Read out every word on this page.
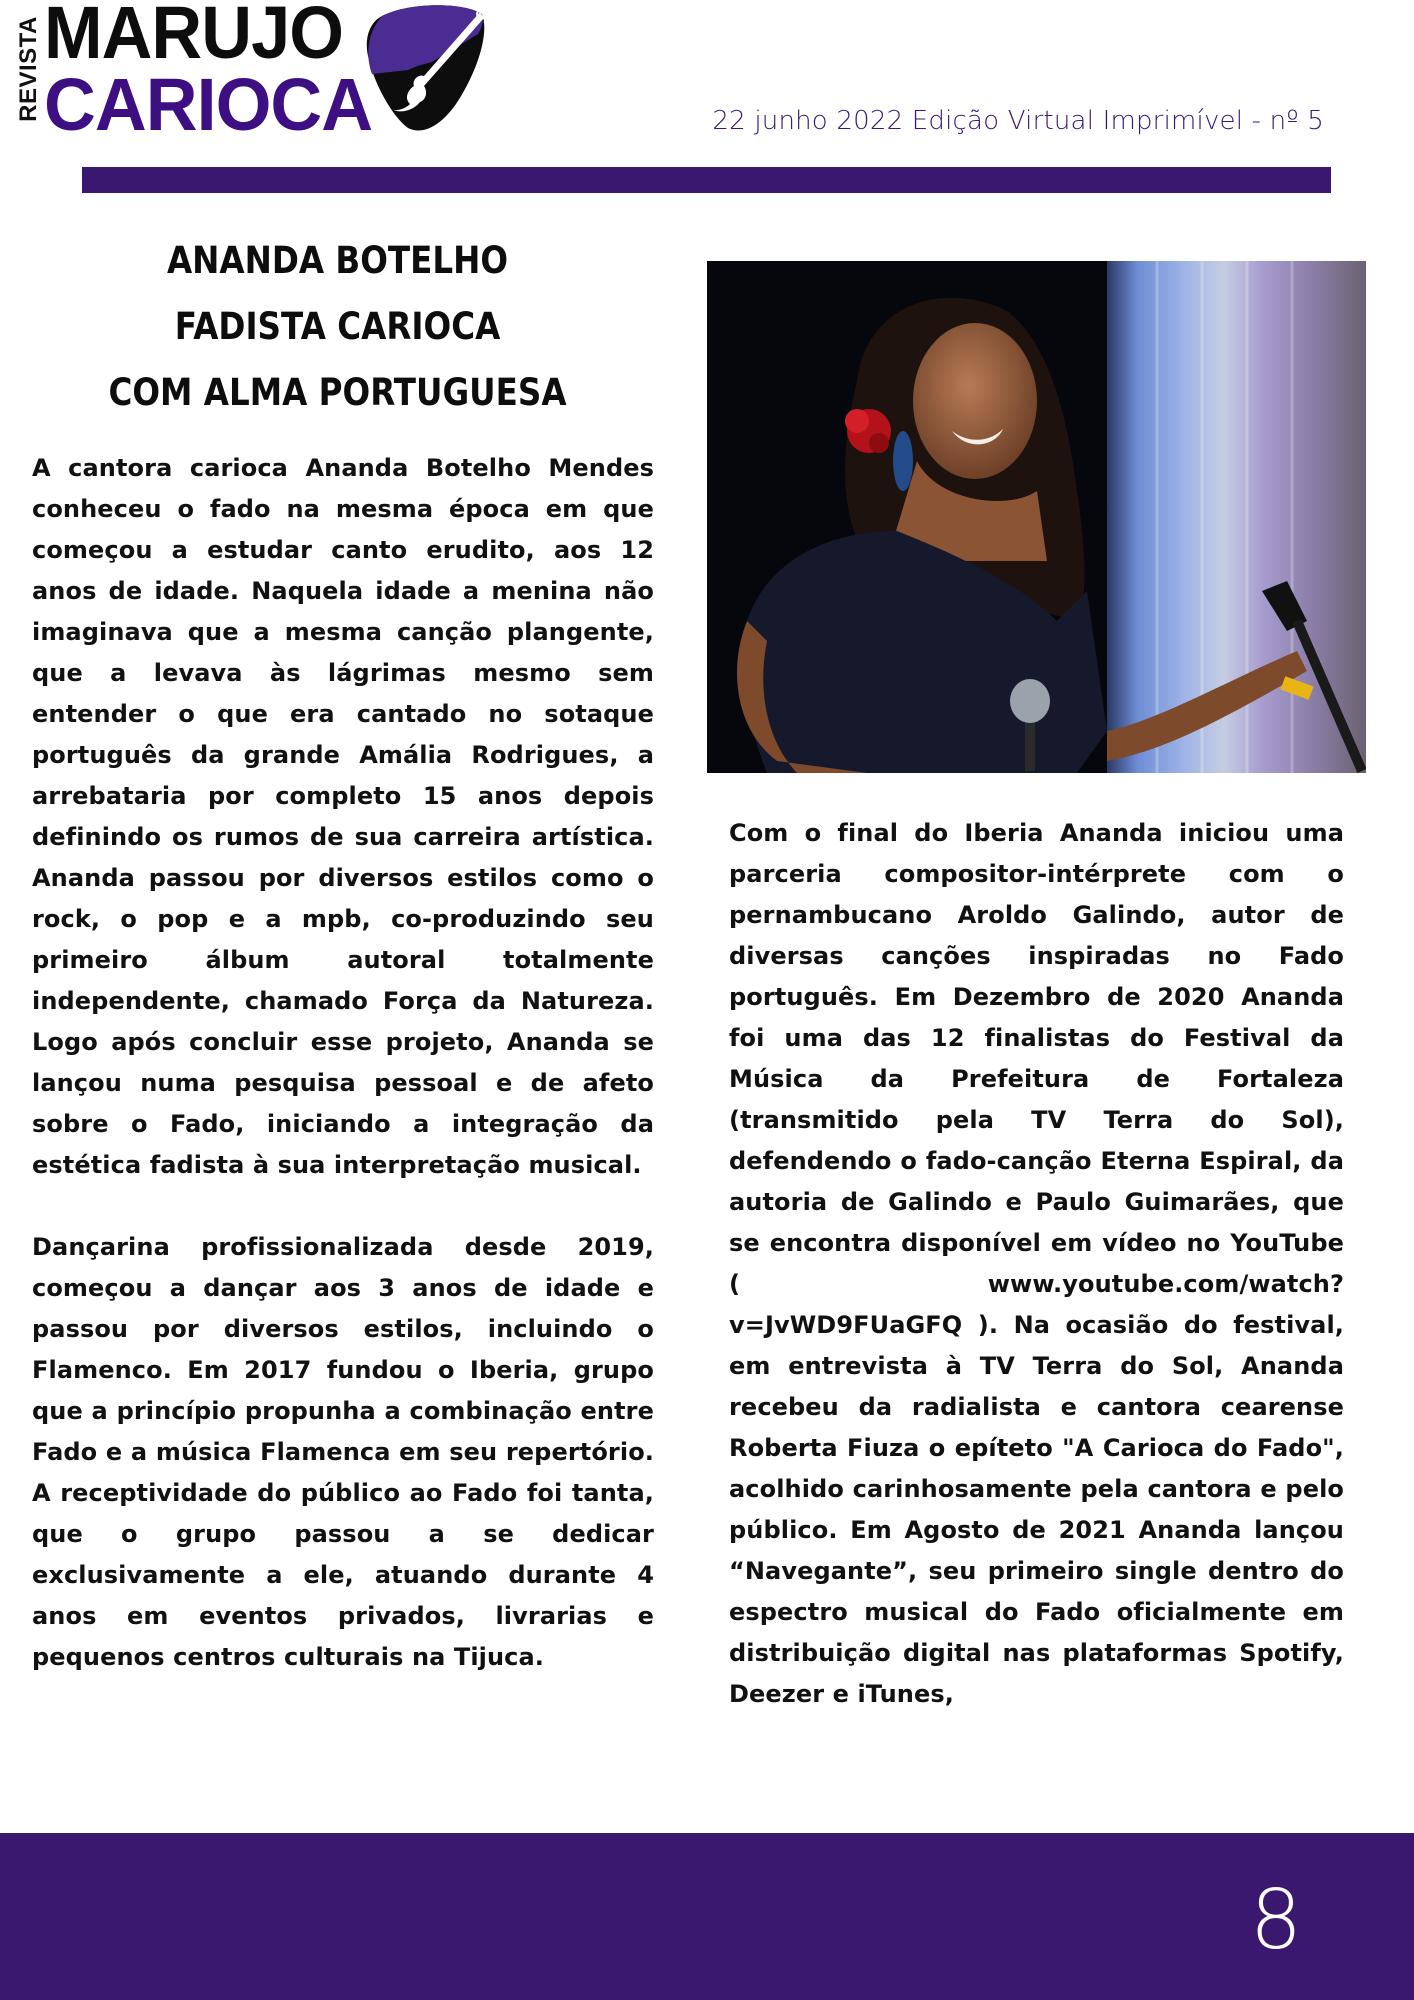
REVISTA MARUJO
CARIOCA	22 junho 2022 Edição Virtual Imprimível - nº 5
ANANDA BOTELHO
FADISTA CARIOCA
COM ALMA PORTUGUESA

A cantora carioca Ananda Botelho Mendes conheceu o fado na mesma época em que começou a estudar canto erudito, aos 12 anos de idade. Naquela idade a menina não imaginava que a mesma canção plangente, que a levava às lágrimas mesmo sem entender o que era cantado no sotaque português da grande Amália Rodrigues, a arrebataria por completo 15 anos depois definindo os rumos de sua carreira artística. Ananda passou por diversos estilos como o rock, o pop e a mpb, co-produzindo seu primeiro álbum autoral totalmente independente, chamado Força da Natureza. Logo após concluir esse projeto, Ananda se lançou numa pesquisa pessoal e de afeto sobre o Fado, iniciando a integração da estética fadista à sua interpretação musical.

Dançarina profissionalizada desde 2019, começou a dançar aos 3 anos de idade e passou por diversos estilos, incluindo o Flamenco. Em 2017 fundou o Iberia, grupo que a princípio propunha a combinação entre Fado e a música Flamenca em seu repertório. A receptividade do público ao Fado foi tanta, que o grupo passou a se dedicar exclusivamente a ele, atuando durante 4 anos em eventos privados, livrarias e pequenos centros culturais na Tijuca.

Com o final do Iberia Ananda iniciou uma parceria compositor-intérprete com o pernambucano Aroldo Galindo, autor de diversas canções inspiradas no Fado português. Em Dezembro de 2020 Ananda foi uma das 12 finalistas do Festival da Música da Prefeitura de Fortaleza (transmitido pela TV Terra do Sol), defendendo o fado-canção Eterna Espiral, da autoria de Galindo e Paulo Guimarães, que se encontra disponível em vídeo no YouTube (	www.youtube.com/watch? v=JvWD9FUaGFQ ). Na ocasião do festival, em entrevista à TV Terra do Sol, Ananda recebeu da radialista e cantora cearense Roberta Fiuza o epíteto "A Carioca do Fado", acolhido carinhosamente pela cantora e pelo público. Em Agosto de 2021 Ananda lançou “Navegante”, seu primeiro single dentro do espectro musical do Fado oficialmente em distribuição digital nas plataformas Spotify, Deezer e iTunes,

8
